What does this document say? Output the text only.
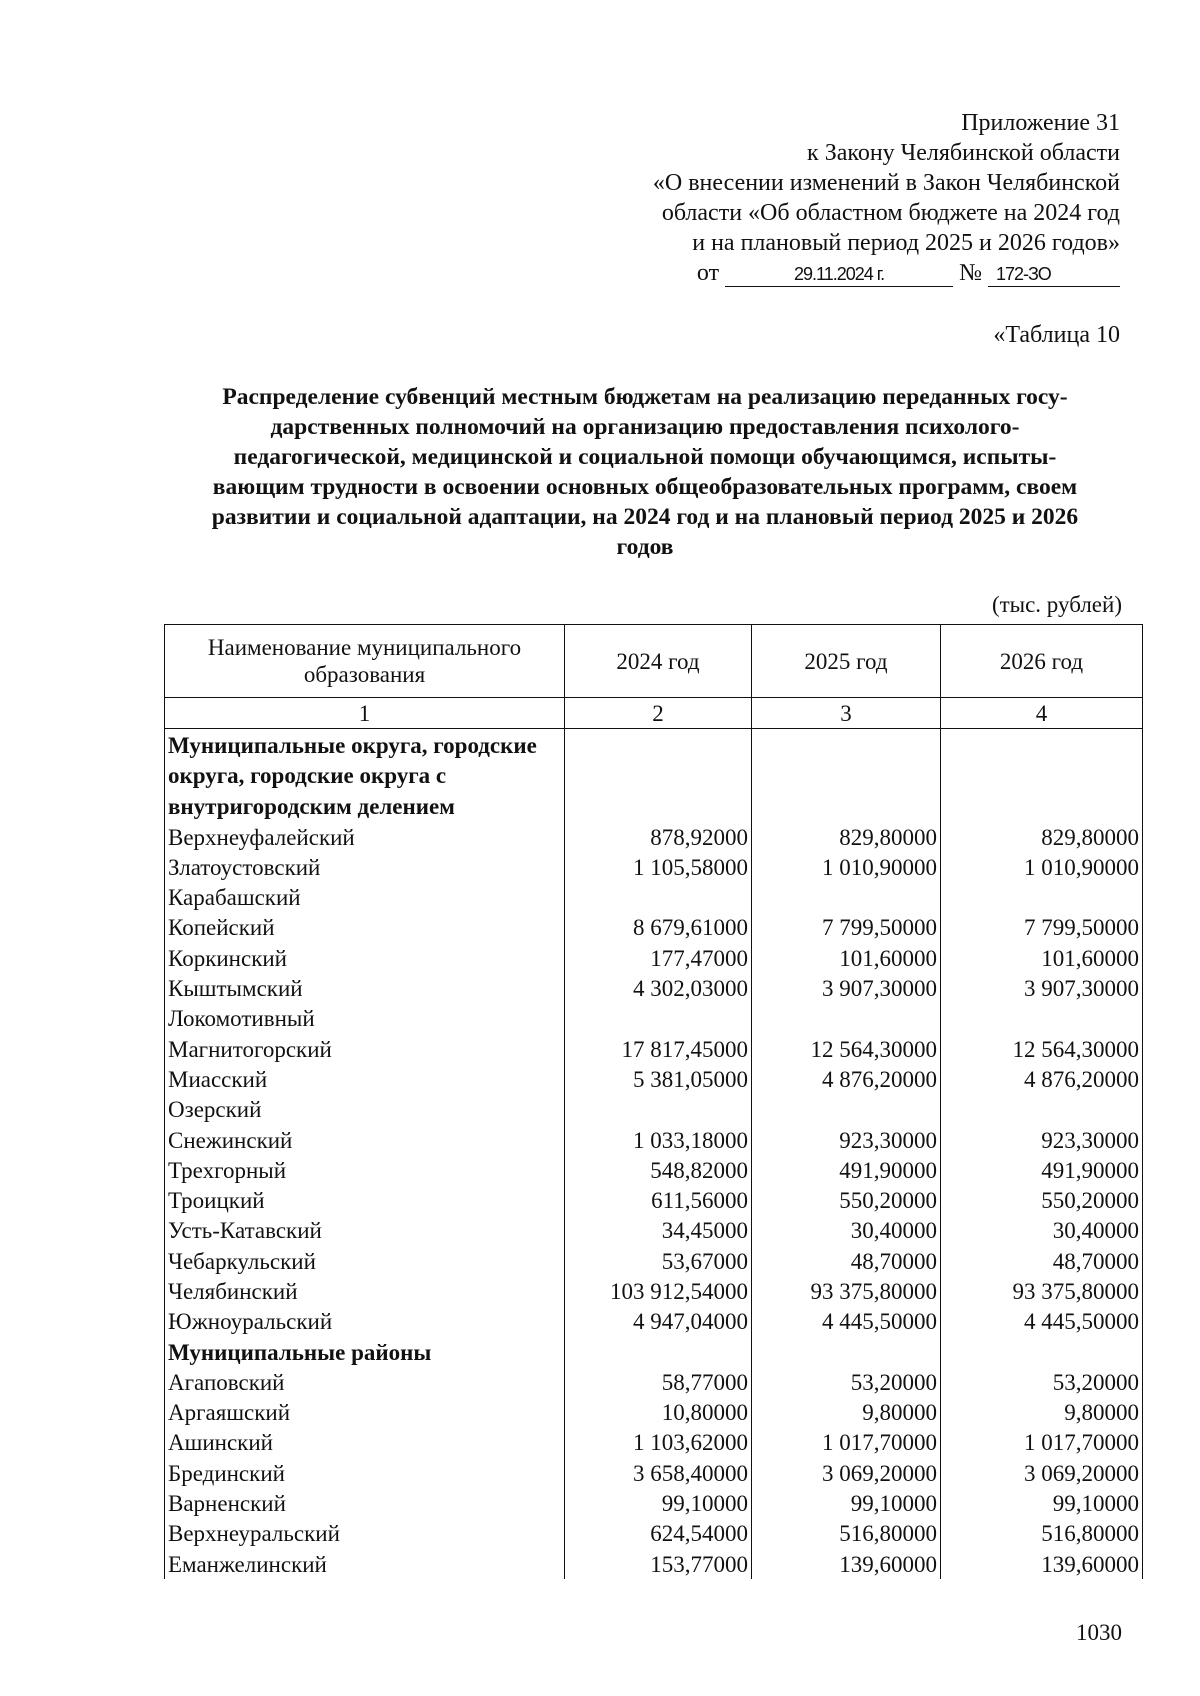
Приложение 31
к Закону Челябинской области
«О внесении изменений в Закон Челябинской
области «Об областном бюджете на 2024 год
и на плановый период 2025 и 2026 годов»
от	29.11.2024 г.	№ 172-ЗО
«Таблица 10
Распределение субвенций местным бюджетам на реализацию переданных госу-
дарственных полномочий на организацию предоставления психолого-
педагогической, медицинской и социальной помощи обучающимся, испыты-
вающим трудности в освоении основных общеобразовательных программ, своем
развитии и социальной адаптации, на 2024 год и на плановый период 2025 и 2026
годов
(тыс. рублей)
Наименование муниципального образования	2024 год	2025 год	2026 год
1	2	3	4
Муниципальные округа, городские округа, городские округа с внутригородским делением			
Верхнеуфалейский	878,92000	829,80000	829,80000
Златоустовский	1 105,58000	1 010,90000	1 010,90000
Карабашский			
Копейский	8 679,61000	7 799,50000	7 799,50000
Коркинский	177,47000	101,60000	101,60000
Кыштымский	4 302,03000	3 907,30000	3 907,30000
Локомотивный			
Магнитогорский	17 817,45000	12 564,30000	12 564,30000
Миасский	5 381,05000	4 876,20000	4 876,20000
Озерский			
Снежинский	1 033,18000	923,30000	923,30000
Трехгорный	548,82000	491,90000	491,90000
Троицкий	611,56000	550,20000	550,20000
Усть-Катавский	34,45000	30,40000	30,40000
Чебаркульский	53,67000	48,70000	48,70000
Челябинский	103 912,54000	93 375,80000	93 375,80000
Южноуральский	4 947,04000	4 445,50000	4 445,50000
Муниципальные районы			
Агаповский	58,77000	53,20000	53,20000
Аргаяшский	10,80000	9,80000	9,80000
Ашинский	1 103,62000	1 017,70000	1 017,70000
Брединский	3 658,40000	3 069,20000	3 069,20000
Варненский	99,10000	99,10000	99,10000
Верхнеуральский	624,54000	516,80000	516,80000
Еманжелинский	153,77000	139,60000	139,60000
1030
